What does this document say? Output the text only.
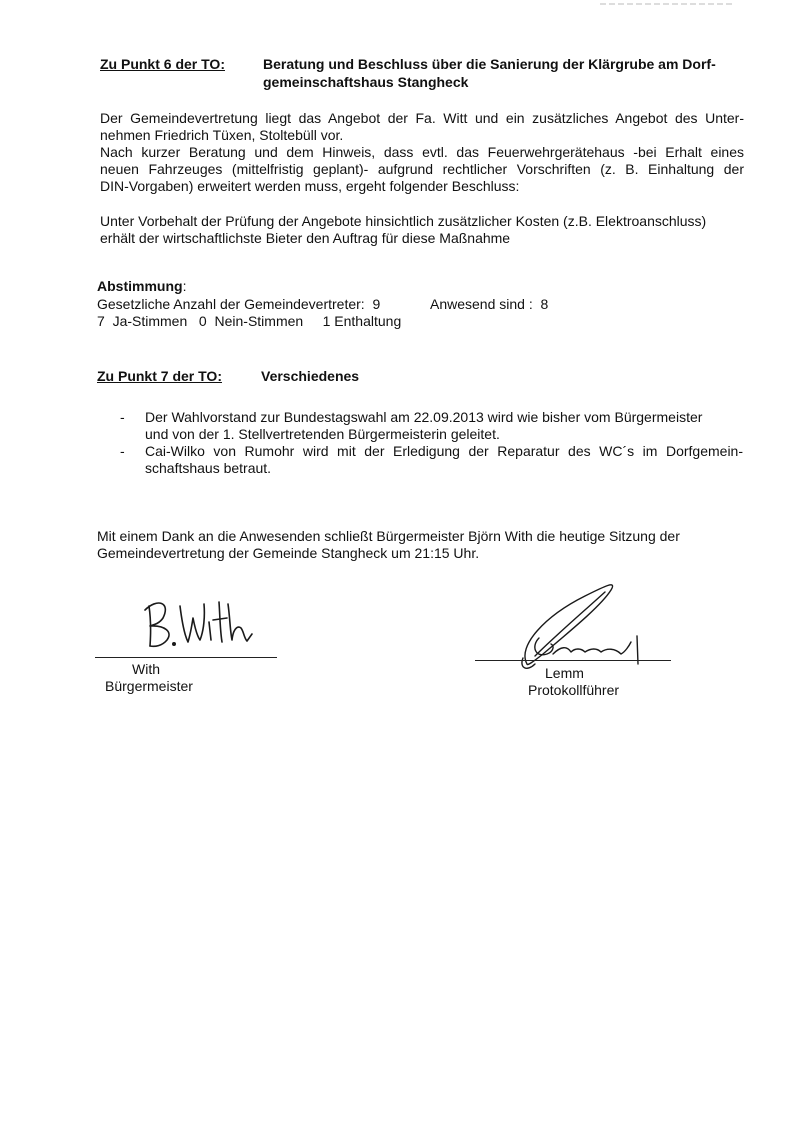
Zu Punkt 6 der TO:	Beratung und Beschluss über die Sanierung der Klärgrube am Dorf-
gemeinschaftshaus Stangheck
Der Gemeindevertretung liegt das Angebot der Fa. Witt und ein zusätzliches Angebot des Unter-
nehmen Friedrich Tüxen, Stoltebüll vor.
Nach kurzer Beratung und dem Hinweis, dass evtl. das Feuerwehrgerätehaus -bei Erhalt eines
neuen Fahrzeuges (mittelfristig geplant)- aufgrund rechtlicher Vorschriften (z. B. Einhaltung der
DIN-Vorgaben) erweitert werden muss, ergeht folgender Beschluss:
Unter Vorbehalt der Prüfung der Angebote hinsichtlich zusätzlicher Kosten (z.B. Elektroanschluss)
erhält der wirtschaftlichste Bieter den Auftrag für diese Maßnahme
Abstimmung:
Gesetzliche Anzahl der Gemeindevertreter:  9	Anwesend sind :  8
7  Ja-Stimmen   0  Nein-Stimmen     1 Enthaltung
Zu Punkt 7 der TO:	Verschiedenes
- Der Wahlvorstand zur Bundestagswahl am 22.09.2013 wird wie bisher vom Bürgermeister
und von der 1. Stellvertretenden Bürgermeisterin geleitet.
- Cai-Wilko von Rumohr wird mit der Erledigung der Reparatur des WC´s im Dorfgemein-
schaftshaus betraut.
Mit einem Dank an die Anwesenden schließt Bürgermeister Björn With die heutige Sitzung der
Gemeindevertretung der Gemeinde Stangheck um 21:15 Uhr.
With
Bürgermeister
Lemm
Protokollführer
